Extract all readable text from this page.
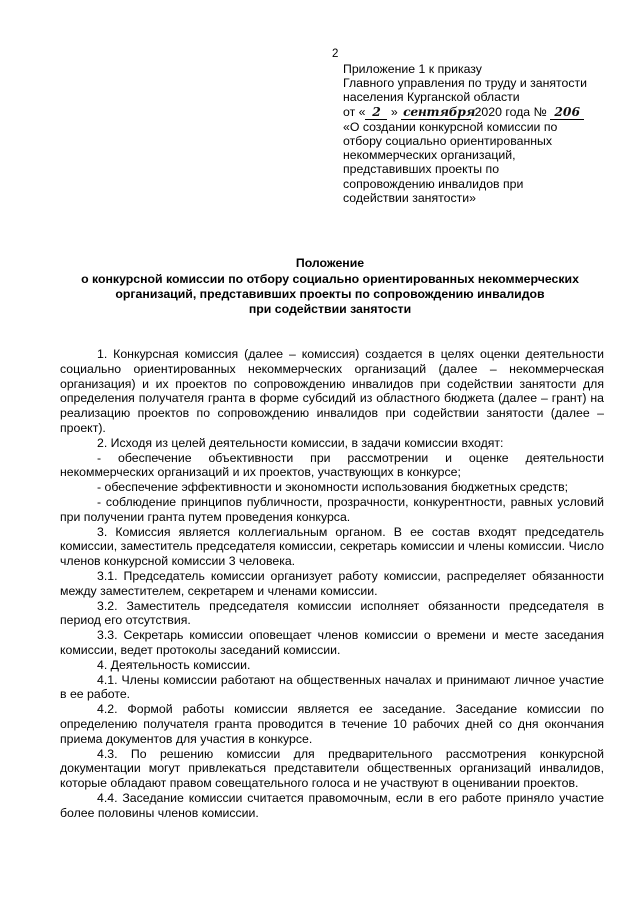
2
Приложение 1 к приказу
Главного управления по труду и занятости
населения Курганской области
от « 2 » сентября 2020 года № 206
«О создании конкурсной комиссии по
отбору социально ориентированных
некоммерческих организаций,
представивших проекты по
сопровождению инвалидов при
содействии занятости»
Положение
о конкурсной комиссии по отбору социально ориентированных некоммерческих
организаций, представивших проекты по сопровождению инвалидов
при содействии занятости

1. Конкурсная комиссия (далее – комиссия) создается в целях оценки деятельности социально ориентированных некоммерческих организаций (далее – некоммерческая организация) и их проектов по сопровождению инвалидов при содействии занятости для определения получателя гранта в форме субсидий из областного бюджета (далее – грант) на реализацию проектов по сопровождению инвалидов при содействии занятости (далее – проект).

2. Исходя из целей деятельности комиссии, в задачи комиссии входят:

- обеспечение объективности при рассмотрении и оценке деятельности некоммерческих организаций и их проектов, участвующих в конкурсе;

- обеспечение эффективности и экономности использования бюджетных средств;

- соблюдение принципов публичности, прозрачности, конкурентности, равных условий при получении гранта путем проведения конкурса.

3. Комиссия является коллегиальным органом. В ее состав входят председатель комиссии, заместитель председателя комиссии, секретарь комиссии и члены комиссии. Число членов конкурсной комиссии 3 человека.

3.1. Председатель комиссии организует работу комиссии, распределяет обязанности между заместителем, секретарем и членами комиссии.

3.2. Заместитель председателя комиссии исполняет обязанности председателя в период его отсутствия.

3.3. Секретарь комиссии оповещает членов комиссии о времени и месте заседания комиссии, ведет протоколы заседаний комиссии.

4. Деятельность комиссии.

4.1. Члены комиссии работают на общественных началах и принимают личное участие в ее работе.

4.2. Формой работы комиссии является ее заседание. Заседание комиссии по определению получателя гранта проводится в течение 10 рабочих дней со дня окончания приема документов для участия в конкурсе.

4.3. По решению комиссии для предварительного рассмотрения конкурсной документации могут привлекаться представители общественных организаций инвалидов, которые обладают правом совещательного голоса и не участвуют в оценивании проектов.

4.4. Заседание комиссии считается правомочным, если в его работе приняло участие более половины членов комиссии.
